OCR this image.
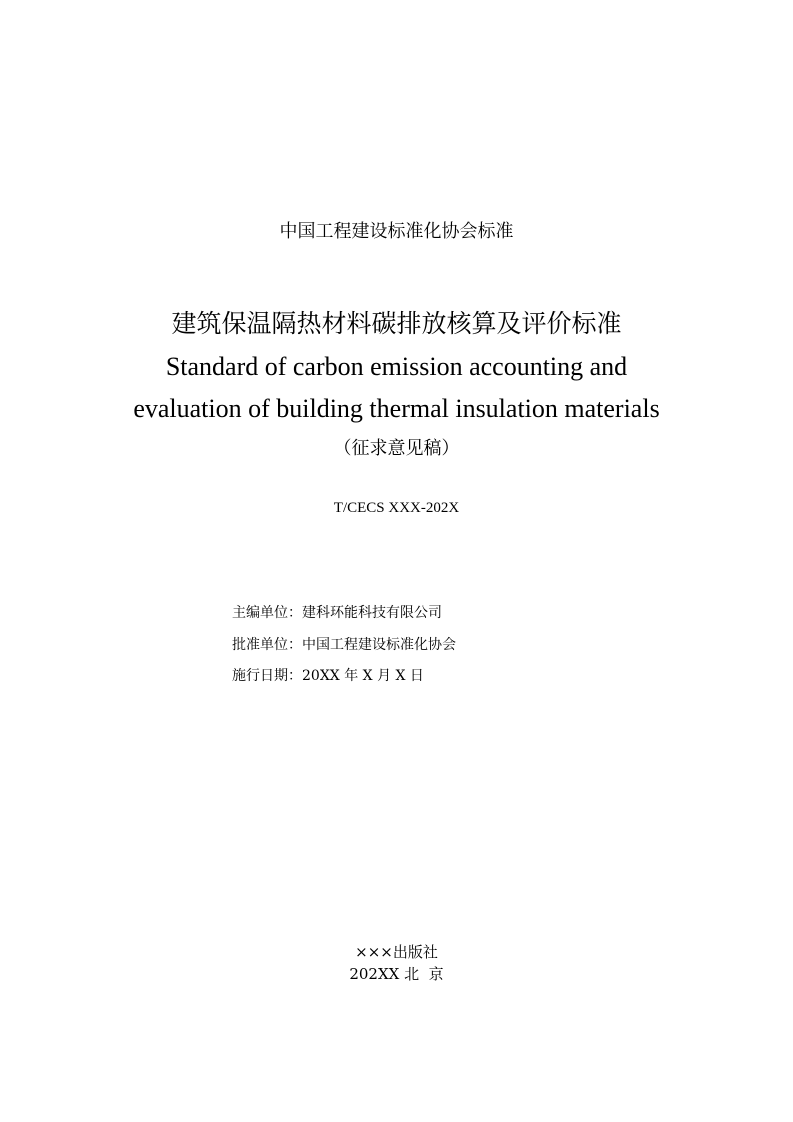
中国工程建设标准化协会标准
建筑保温隔热材料碳排放核算及评价标准
Standard of carbon emission accounting and
evaluation of building thermal insulation materials
（征求意见稿）
T/CECS XXX-202X
主编单位：建科环能科技有限公司
批准单位：中国工程建设标准化协会
施行日期：20XX 年 X 月 X 日
×××出版社
202XX 北  京
